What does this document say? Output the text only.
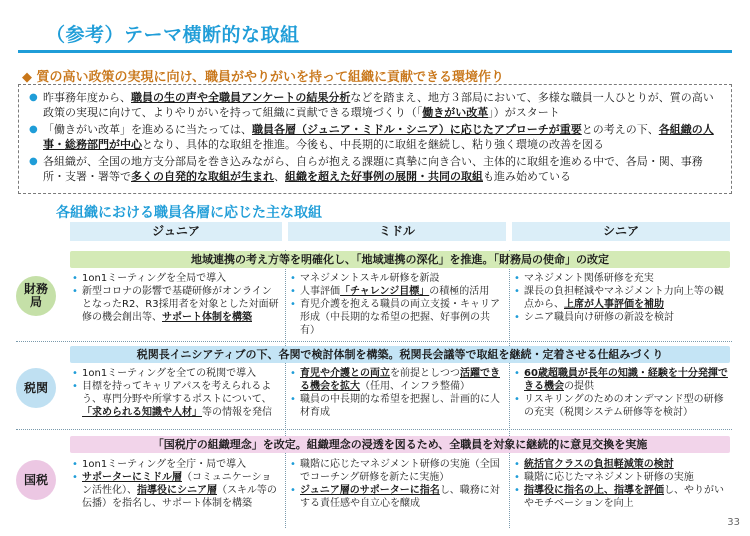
（参考）テーマ横断的な取組
◆ 質の高い政策の実現に向け、職員がやりがいを持って組織に貢献できる環境作り
● 昨事務年度から、職員の生の声や全職員アンケートの結果分析などを踏まえ、地方３部局において、多様な職員一人ひとりが、質の高い政策の実現に向けて、よりやりがいを持って組織に貢献できる環境づくり（「働きがい改革」）がスタート
● 「働きがい改革」を進めるに当たっては、職員各層（ジュニア・ミドル・シニア）に応じたアプローチが重要との考えの下、各組織の人事・総務部門が中心となり、具体的な取組を推進。今後も、中長期的に取組を継続し、粘り強く環境の改善を図る
● 各組織が、全国の地方支分部局を巻き込みながら、自らが抱える課題に真摯に向き合い、主体的に取組を進める中で、各局・関、事務所・支署・署等で多くの自発的な取組が生まれ、組織を超えた好事例の展開・共同の取組も進み始めている
各組織における職員各層に応じた主な取組
ジュニア	ミドル	シニア
地域連携の考え方等を明確化し、「地域連携の深化」を推進。「財務局の使命」の改定
財務
局
• 1on1ミーティングを全局で導入
• 新型コロナの影響で基礎研修がオンラインとなったR2、R3採用者を対象とした対面研修の機会創出等、サポート体制を構築
• マネジメントスキル研修を新設
• 人事評価「チャレンジ目標」の積極的活用
• 育児介護を抱える職員の両立支援・キャリア形成（中長期的な希望の把握、好事例の共有）
• マネジメント関係研修を充実
• 課長の負担軽減やマネジメント力向上等の観点から、上席が人事評価を補助
• シニア職員向け研修の新設を検討
税関長イニシアティブの下、各関で検討体制を構築。税関長会議等で取組を継続・定着させる仕組みづくり
税関
• 1on1ミーティングを全ての税関で導入
• 目標を持ってキャリアパスを考えられるよう、専門分野や所掌するポストについて、「求められる知識や人材」等の情報を発信
• 育児や介護との両立を前提としつつ活躍できる機会を拡大（任用、インフラ整備）
• 職員の中長期的な希望を把握し、計画的に人材育成
• 60歳超職員が長年の知識・経験を十分発揮できる機会の提供
• リスキリングのためのオンデマンド型の研修の充実（税関システム研修等を検討）
「国税庁の組織理念」を改定。組織理念の浸透を図るため、全職員を対象に継続的に意見交換を実施
国税
• 1on1ミーティングを全庁・局で導入
• サポーターにミドル層（コミュニケーション活性化）、指導役にシニア層（スキル等の伝播）を指名し、サポート体制を構築
• 職階に応じたマネジメント研修の実施（全国でコーチング研修を新たに実施）
• ジュニア層のサポーターに指名し、職務に対する責任感や自立心を醸成
• 統括官クラスの負担軽減策の検討
• 職階に応じたマネジメント研修の実施
• 指導役に指名の上、指導を評価し、やりがいやモチベーションを向上
33
